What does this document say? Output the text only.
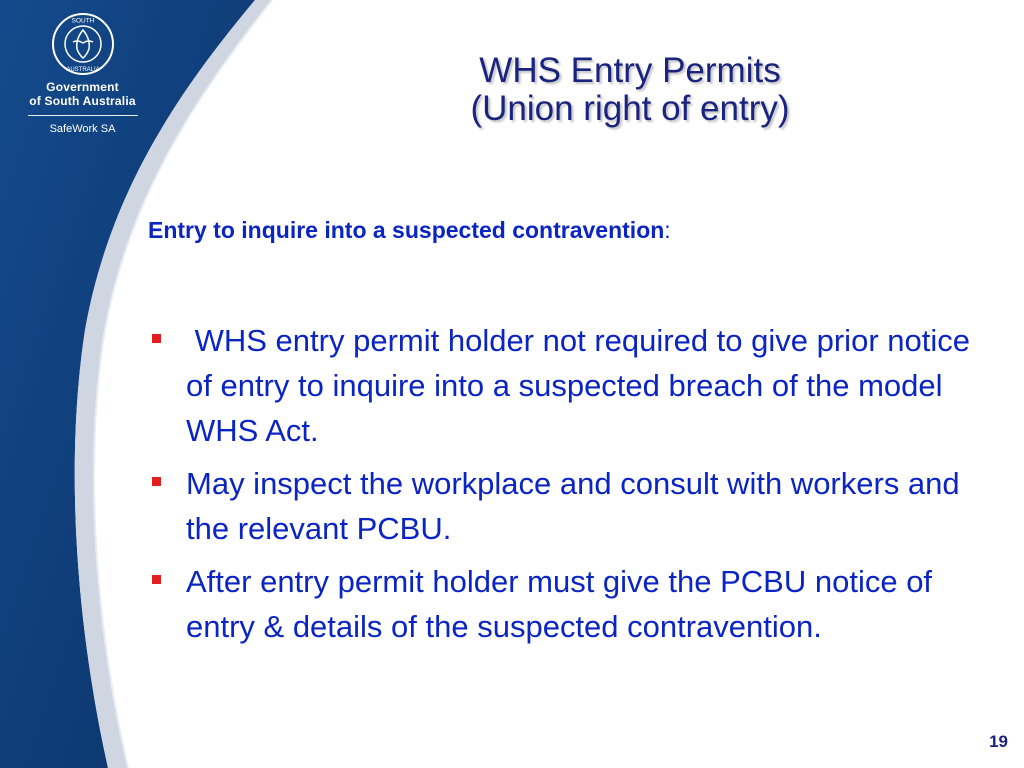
SOUTH
AUSTRALIA
Government
of South Australia
SafeWork SA
WHS Entry Permits
(Union right of entry)

Entry to inquire into a suspected contravention:

WHS entry permit holder not required to give prior notice of entry to inquire into a suspected breach of the model WHS Act.
May inspect the workplace and consult with workers and the relevant PCBU.
After entry permit holder must give the PCBU notice of entry & details of the suspected contravention.
19
